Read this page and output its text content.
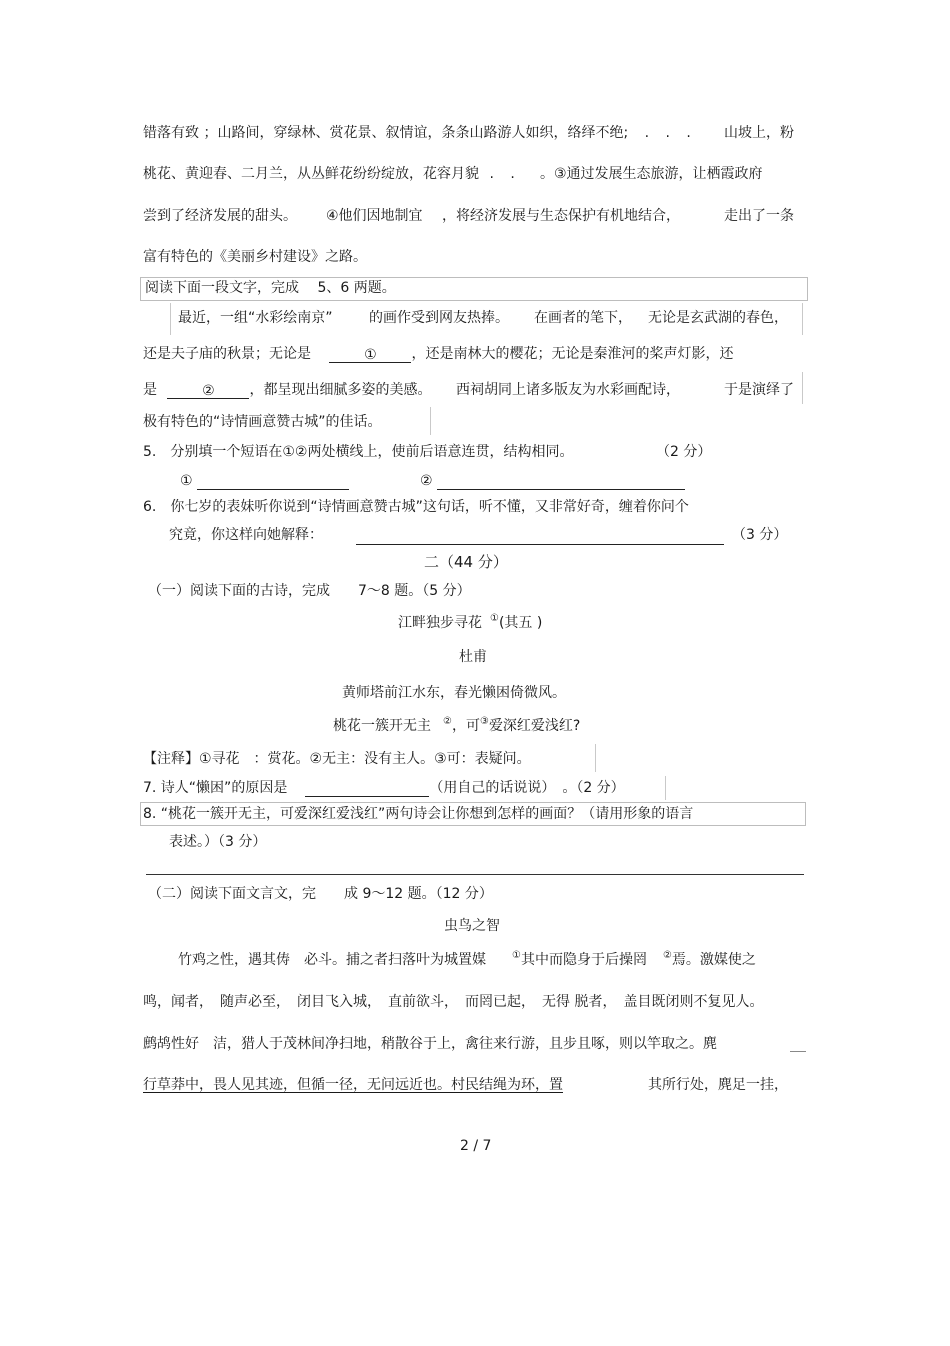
错落有致 ；山路间，穿绿林、赏花景、叙情谊，条条山路游人如织，络绎不绝; . . . 山坡上，粉
桃花、黄迎春、二月兰，从丛鲜花纷纷绽放，花容月貌 . . 。③通过发展生态旅游，让栖霞政府
尝到了经济发展的甜头。 ④他们因地制宜 ，将经济发展与生态保护有机地结合，	走出了一条
富有特色的《美丽乡村建设》之路。
阅读下面一段文字，完成　 5、6 两题。
最近，一组“水彩绘南京”	的画作受到网友热捧。 在画者的笔下， 无论是玄武湖的春色，
还是夫子庙的秋景；无论是	① ，还是南林大的樱花；无论是秦淮河的桨声灯影，还
是	② ，都呈现出细腻多姿的美感。 西祠胡同上诸多版友为水彩画配诗，	于是演绎了
极有特色的“诗情画意赞古城”的佳话。
5.　分别填一个短语在①②两处横线上，使前后语意连贯，结构相同。	（2 分）
①	②
6.　你七岁的表妹听你说到“诗情画意赞古城”这句话，听不懂，又非常好奇，缠着你问个
究竟，你这样向她解释：	（3 分）
二（44 分）
（一）阅读下面的古诗，完成　　7～8 题。（5 分）
江畔独步寻花 ①(其五 )
杜甫
黄师塔前江水东，春光懒困倚微风。
桃花一簇开无主 ②，可③爱深红爱浅红?
【注释】①寻花　：赏花。②无主：没有主人。③可：表疑问。
7. 诗人“懒困”的原因是	（用自己的话说说）　。（2 分）
8. “桃花一簇开无主，可爱深红爱浅红”两句诗会让你想到怎样的画面？（请用形象的语言
表述。）（3 分）
（二）阅读下面文言文，完　　成 9～12 题。（12 分）
虫鸟之智
竹鸡之性，遇其俦　必斗。捕之者扫落叶为城置媒	①其中而隐身于后操罔 ②焉。激媒使之
鸣，闻者，　随声必至，　闭目飞入城，　直前欲斗，　而罔已起，　无得 脱者，　盖目既闭则不复见人。
鹧鸪性好　洁，猎人于茂林间净扫地，稍散谷于上，禽往来行游，且步且啄，则以竿取之。麂
行草莽中，畏人见其迹，但循一径，无问远近也。村民结绳为环，置	其所行处，麂足一挂，
2 / 7
